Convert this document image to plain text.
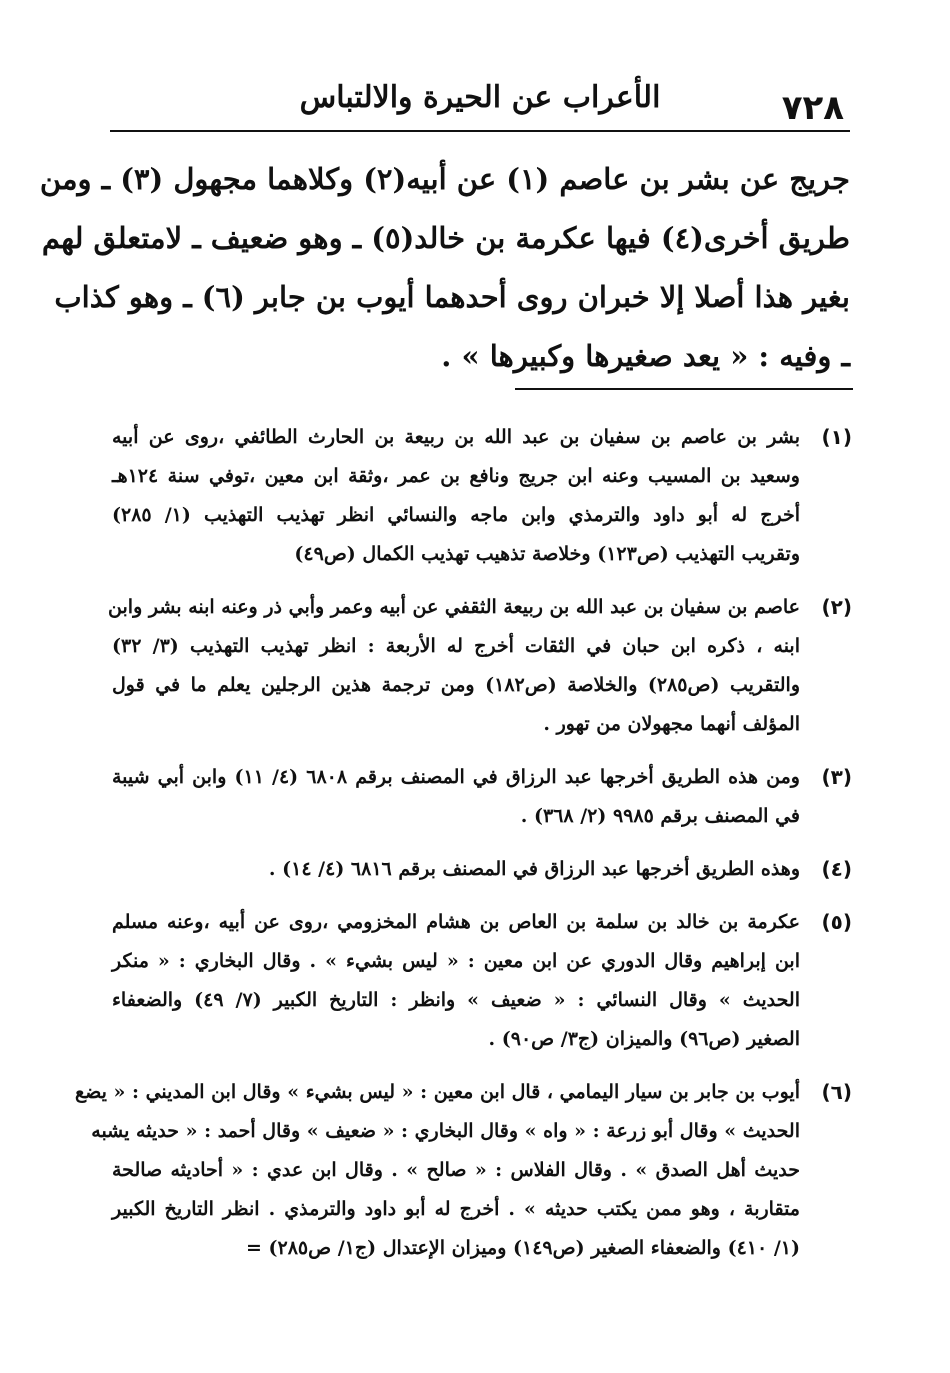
٧٢٨
الأعراب عن الحيرة والالتباس
جريج عن بشر بن عاصم (١) عن أبيه(٢) وكلاهما مجهول (٣) ـ ومن
طريق أخرى(٤) فيها عكرمة بن خالد(٥) ـ وهو ضعيف ـ لامتعلق لهم
بغير هذا أصلا إلا خبران روى أحدهما أيوب بن جابر (٦) ـ وهو كذاب
ـ وفيه : « يعد صغيرها وكبيرها » .
(١)
بشر بن عاصم بن سفيان بن عبد الله بن ربيعة بن الحارث الطائفي ،روى عن أبيه
وسعيد بن المسيب وعنه ابن جريج ونافع بن عمر ،وثقة ابن معين ،توفي سنة ١٢٤هـ
أخرج له أبو داود والترمذي وابن ماجه والنسائي انظر تهذيب التهذيب (١/ ٢٨٥)
وتقريب التهذيب (ص١٢٣) وخلاصة تذهيب تهذيب الكمال (ص٤٩)
(٢)
عاصم بن سفيان بن عبد الله بن ربيعة الثقفي عن أبيه وعمر وأبي ذر وعنه ابنه بشر وابن
ابنه ، ذكره ابن حبان في الثقات أخرج له الأربعة : انظر تهذيب التهذيب (٣/ ٣٢)
والتقريب (ص٢٨٥) والخلاصة (ص١٨٢) ومن ترجمة هذين الرجلين يعلم ما في قول
المؤلف أنهما مجهولان من تهور .
(٣)
ومن هذه الطريق أخرجها عبد الرزاق في المصنف برقم ٦٨٠٨ (٤/ ١١) وابن أبي شيبة
في المصنف برقم ٩٩٨٥ (٢/ ٣٦٨) .
(٤)
وهذه الطريق أخرجها عبد الرزاق في المصنف برقم ٦٨١٦ (٤/ ١٤) .
(٥)
عكرمة بن خالد بن سلمة بن العاص بن هشام المخزومي ،روى عن أبيه ،وعنه مسلم
ابن إبراهيم وقال الدوري عن ابن معين : « ليس بشيء » . وقال البخاري : « منكر
الحديث » وقال النسائي : « ضعيف » وانظر : التاريخ الكبير (٧/ ٤٩) والضعفاء
الصغير (ص٩٦) والميزان (ج٣/ ص٩٠) .
(٦)
أيوب بن جابر بن سيار اليمامي ، قال ابن معين : « ليس بشيء » وقال ابن المديني : « يضع
الحديث » وقال أبو زرعة : « واه » وقال البخاري : « ضعيف » وقال أحمد : « حديثه يشبه
حديث أهل الصدق » . وقال الفلاس : « صالح » . وقال ابن عدي : « أحاديثه صالحة
متقاربة ، وهو ممن يكتب حديثه » . أخرج له أبو داود والترمذي . انظر التاريخ الكبير
(١/ ٤١٠) والضعفاء الصغير (ص١٤٩) وميزان الإعتدال (ج١/ ص٢٨٥) =
